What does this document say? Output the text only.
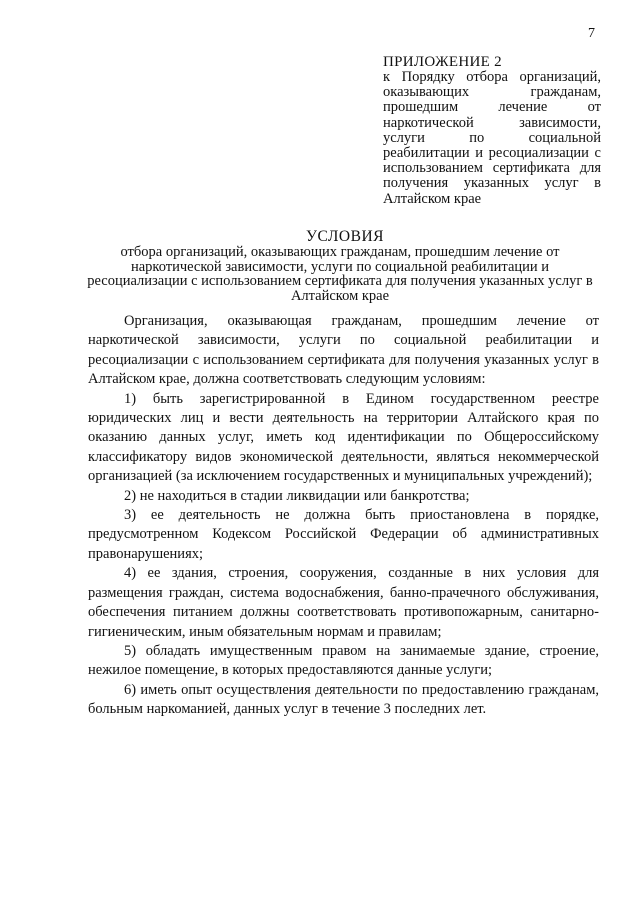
7
ПРИЛОЖЕНИЕ 2
к Порядку отбора организаций, оказывающих гражданам, прошедшим лечение от наркотической зависимости, услуги по социальной реабилитации и ресоциализации с использованием сертификата для получения указанных услуг в Алтайском крае
УСЛОВИЯ
отбора организаций, оказывающих гражданам, прошедшим лечение от наркотической зависимости, услуги по социальной реабилитации и ресоциализации с использованием сертификата для получения указанных услуг в Алтайском крае

Организация, оказывающая гражданам, прошедшим лечение от наркотической зависимости, услуги по социальной реабилитации и ресоциализации с использованием сертификата для получения указанных услуг в Алтайском крае, должна соответствовать следующим условиям:

1) быть зарегистрированной в Едином государственном реестре юридических лиц и вести деятельность на территории Алтайского края по оказанию данных услуг, иметь код идентификации по Общероссийскому классификатору видов экономической деятельности, являться некоммерческой организацией (за исключением государственных и муниципальных учреждений);

2) не находиться в стадии ликвидации или банкротства;

3) ее деятельность не должна быть приостановлена в порядке, предусмотренном Кодексом Российской Федерации об административных правонарушениях;

4) ее здания, строения, сооружения, созданные в них условия для размещения граждан, система водоснабжения, банно-прачечного обслуживания, обеспечения питанием должны соответствовать противопожарным, санитарно-гигиеническим, иным обязательным нормам и правилам;

5) обладать имущественным правом на занимаемые здание, строение, нежилое помещение, в которых предоставляются данные услуги;

6) иметь опыт осуществления деятельности по предоставлению гражданам, больным наркоманией, данных услуг в течение 3 последних лет.
